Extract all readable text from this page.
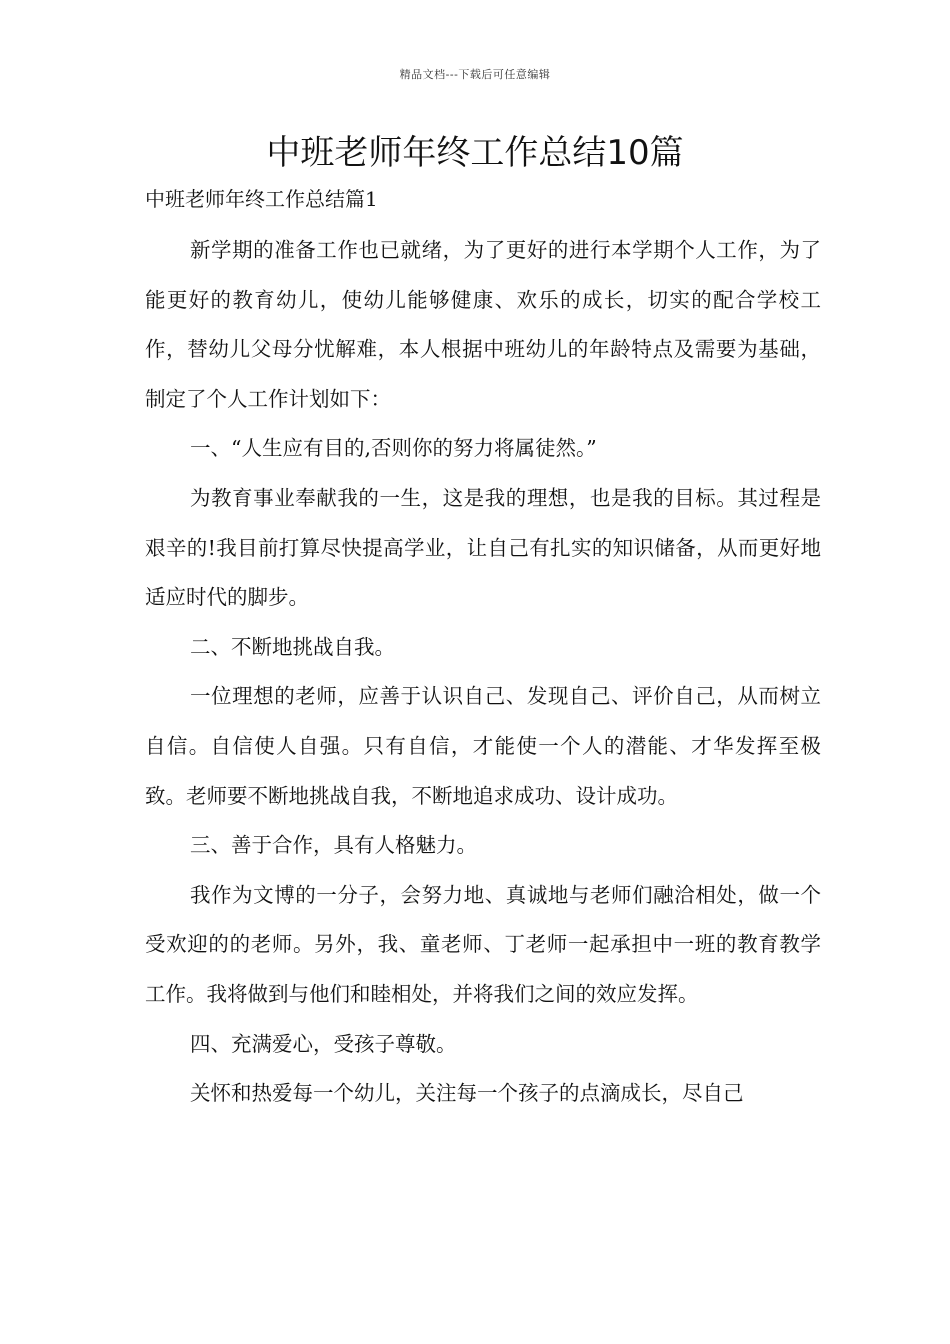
精品文档---下载后可任意编辑
中班老师年终工作总结10篇
中班老师年终工作总结篇1

新学期的准备工作也已就绪，为了更好的进行本学期个人工作，为了能更好的教育幼儿，使幼儿能够健康、欢乐的成长，切实的配合学校工作，替幼儿父母分忧解难，本人根据中班幼儿的年龄特点及需要为基础，制定了个人工作计划如下：

一、“人生应有目的,否则你的努力将属徒然。”

为教育事业奉献我的一生，这是我的理想，也是我的目标。其过程是艰辛的!我目前打算尽快提高学业，让自己有扎实的知识储备，从而更好地适应时代的脚步。

二、不断地挑战自我。

一位理想的老师，应善于认识自己、发现自己、评价自己，从而树立自信。自信使人自强。只有自信，才能使一个人的潜能、才华发挥至极致。老师要不断地挑战自我，不断地追求成功、设计成功。

三、善于合作，具有人格魅力。

我作为文博的一分子，会努力地、真诚地与老师们融洽相处，做一个受欢迎的的老师。另外，我、童老师、丁老师一起承担中一班的教育教学工作。我将做到与他们和睦相处，并将我们之间的效应发挥。

四、充满爱心，受孩子尊敬。

关怀和热爱每一个幼儿，关注每一个孩子的点滴成长，尽自己
